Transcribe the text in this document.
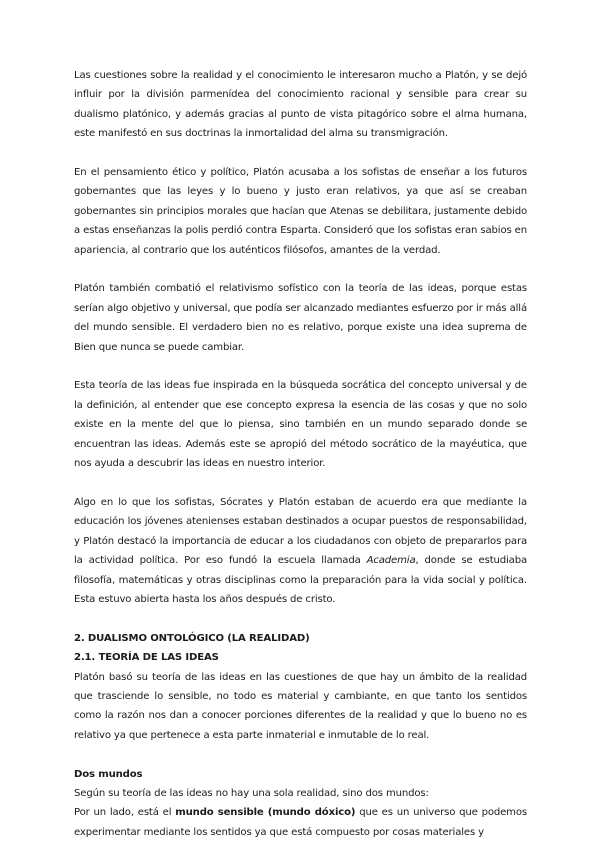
Las cuestiones sobre la realidad y el conocimiento le interesaron mucho a Platón, y se dejó influir por la división parmenídea del conocimiento racional y sensible para crear su dualismo platónico, y además gracias al punto de vista pitagórico sobre el alma humana, este manifestó en sus doctrinas la inmortalidad del alma su transmigración.

En el pensamiento ético y político, Platón acusaba a los sofistas de enseñar a los futuros gobernantes que las leyes y lo bueno y justo eran relativos, ya que así se creaban gobernantes sin principios morales que hacían que Atenas se debilitara, justamente debido a estas enseñanzas la polis perdió contra Esparta. Consideró que los sofistas eran sabios en apariencia, al contrario que los auténticos filósofos, amantes de la verdad.

Platón también combatió el relativismo sofístico con la teoría de las ideas, porque estas serían algo objetivo y universal, que podía ser alcanzado mediantes esfuerzo por ir más allá del mundo sensible. El verdadero bien no es relativo, porque existe una idea suprema de Bien que nunca se puede cambiar.

Esta teoría de las ideas fue inspirada en la búsqueda socrática del concepto universal y de la definición, al entender que ese concepto expresa la esencia de las cosas y que no solo existe en la mente del que lo piensa, sino también en un mundo separado donde se encuentran las ideas. Además este se apropió del método socrático de la mayéutica, que nos ayuda a descubrir las ideas en nuestro interior.

Algo en lo que los sofistas, Sócrates y Platón estaban de acuerdo era que mediante la educación los jóvenes atenienses estaban destinados a ocupar puestos de responsabilidad, y Platón destacó la importancia de educar a los ciudadanos con objeto de prepararlos para la actividad política. Por eso fundó la escuela llamada Academia, donde se estudiaba filosofía, matemáticas y otras disciplinas como la preparación para la vida social y política. Esta estuvo abierta hasta los años después de cristo.

2. DUALISMO ONTOLÓGICO (LA REALIDAD)

2.1. TEORÍA DE LAS IDEAS

Platón basó su teoría de las ideas en las cuestiones de que hay un ámbito de la realidad que trasciende lo sensible, no todo es material y cambiante, en que tanto los sentidos como la razón nos dan a conocer porciones diferentes de la realidad y que lo bueno no es relativo ya que pertenece a esta parte inmaterial e inmutable de lo real.

Dos mundos

Según su teoría de las ideas no hay una sola realidad, sino dos mundos:

Por un lado, está el mundo sensible (mundo dóxico) que es un universo que podemos experimentar mediante los sentidos ya que está compuesto por cosas materiales y
